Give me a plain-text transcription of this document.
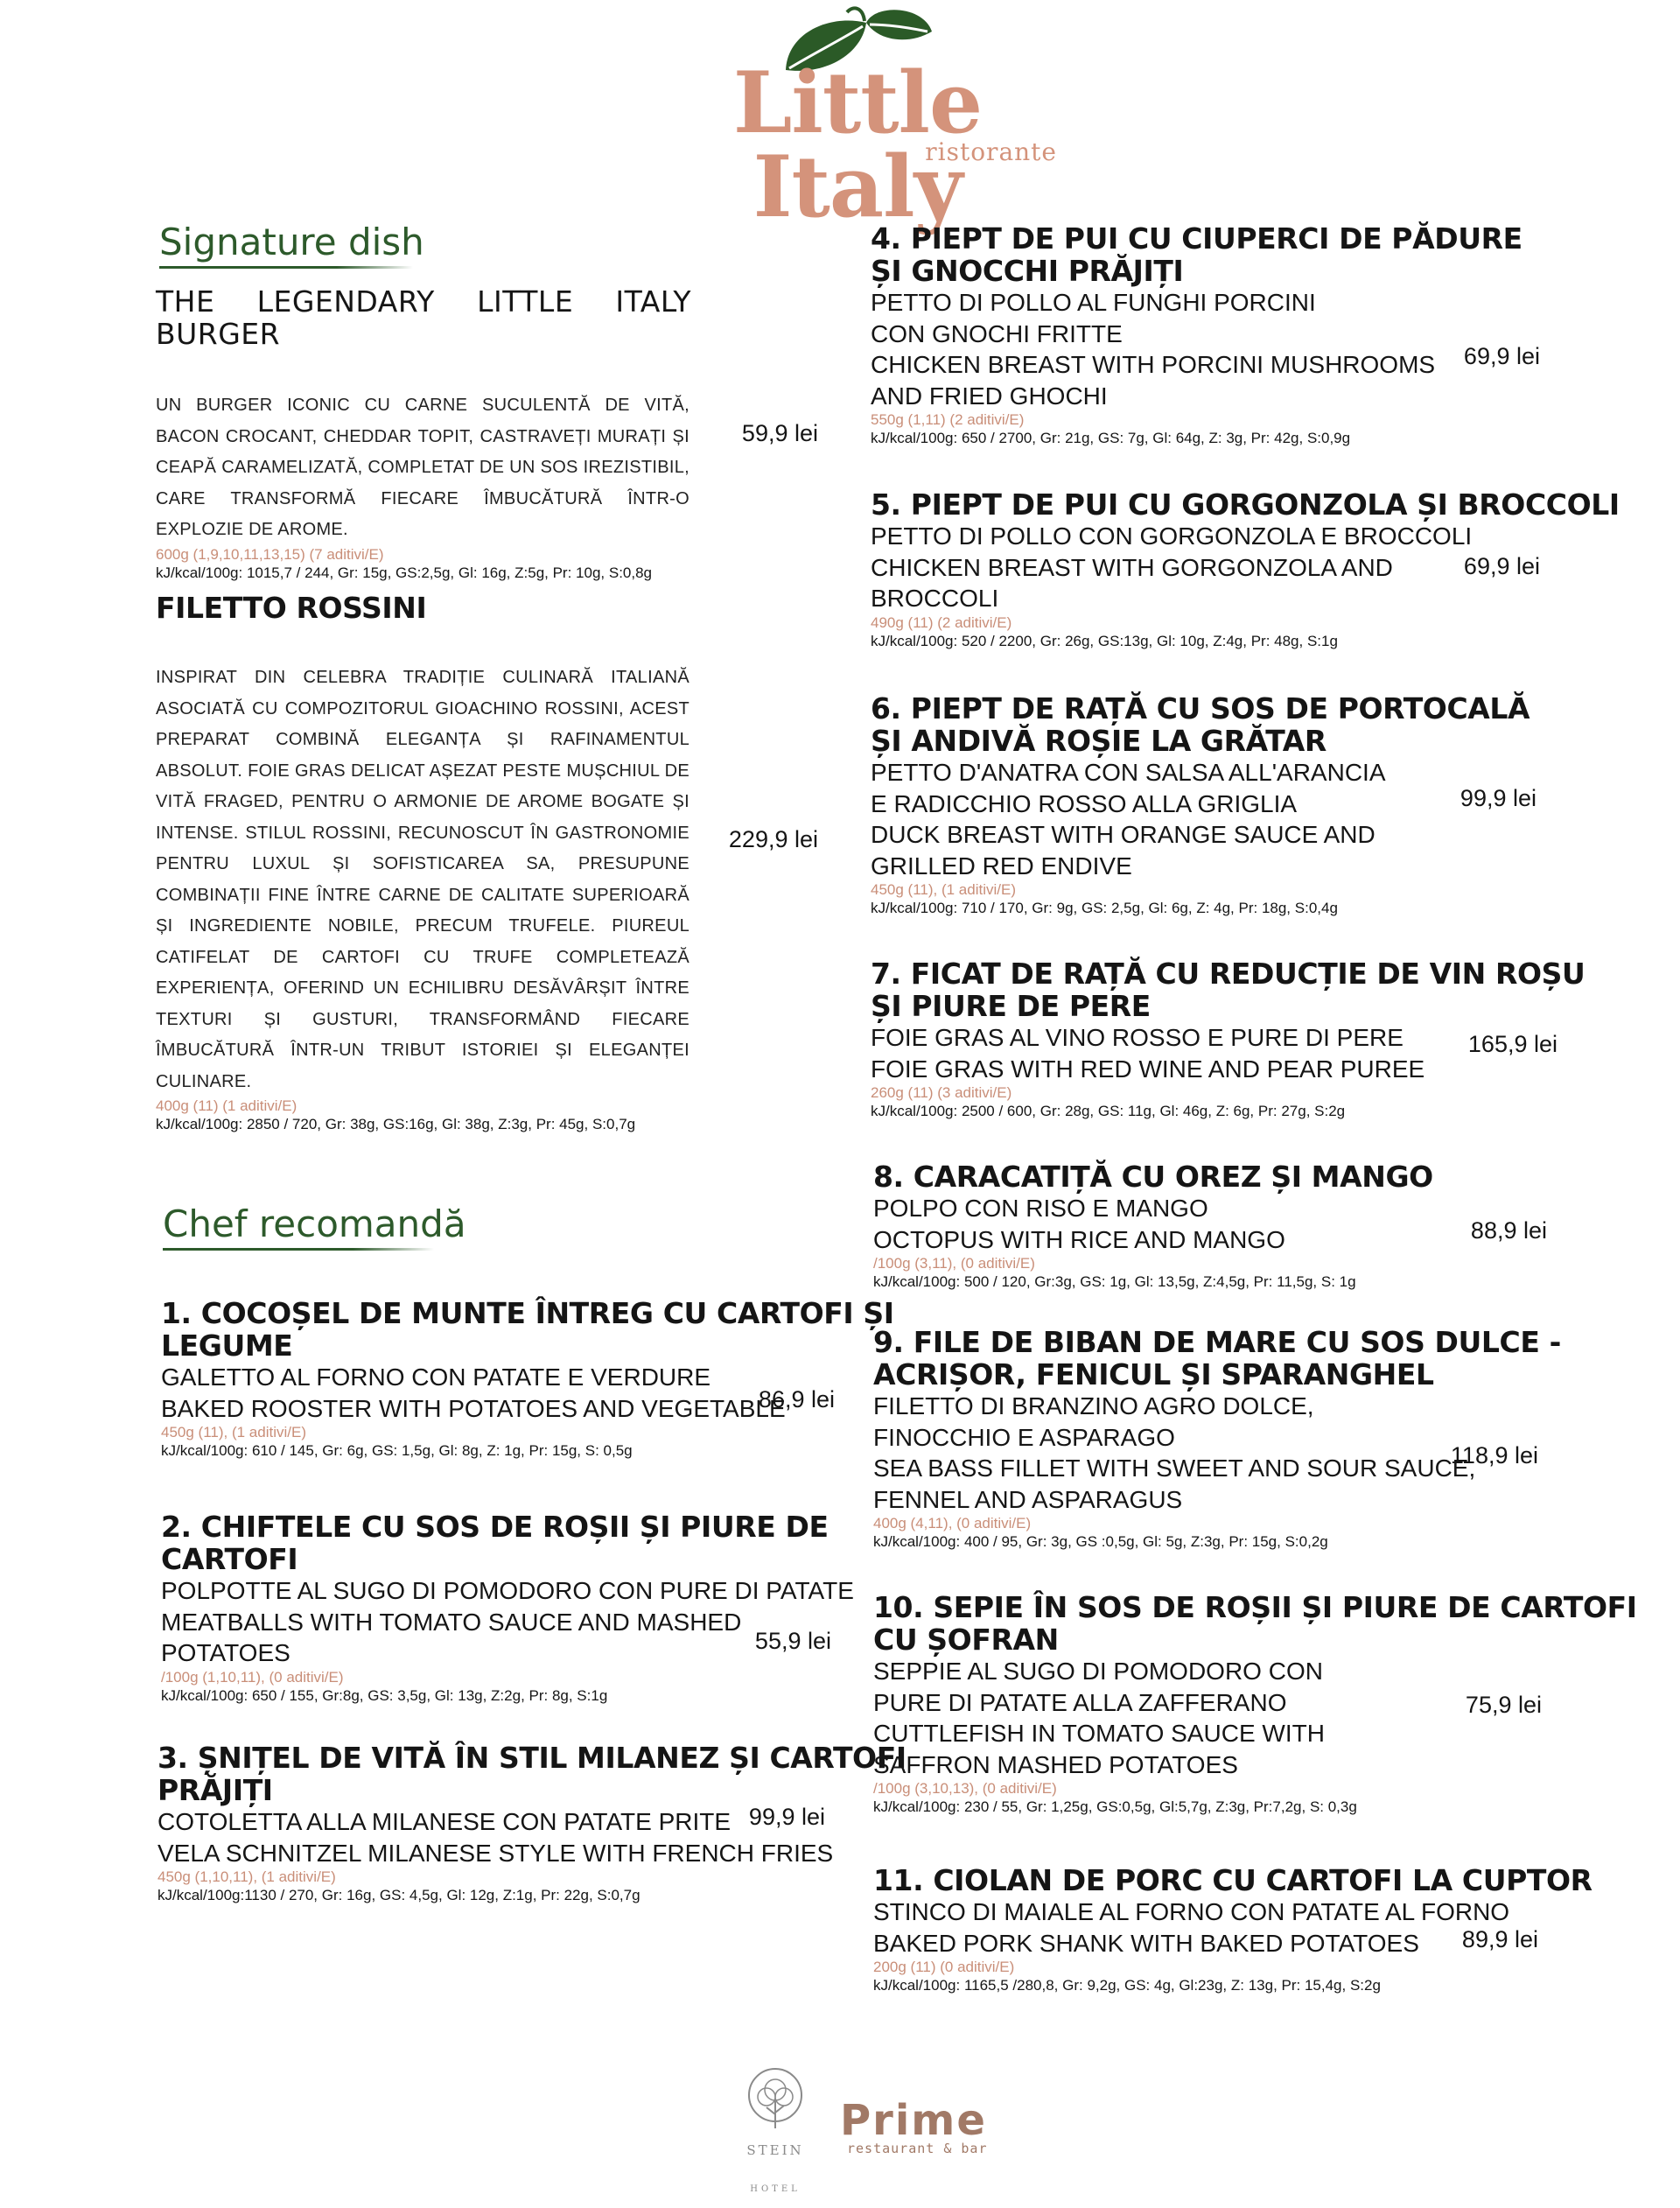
Little Italy
ristorante
Signature dish
THE LEGENDARY LITTLE ITALY
BURGER
UN BURGER ICONIC CU CARNE SUCULENTĂ DE VITĂ, BACON CROCANT, CHEDDAR TOPIT, CASTRAVEȚI MURAȚI ȘI CEAPĂ CARAMELIZATĂ, COMPLETAT DE UN SOS IREZISTIBIL, CARE TRANSFORMĂ FIECARE ÎMBUCĂTURĂ ÎNTR-O EXPLOZIE DE AROME.
600g (1,9,10,11,13,15) (7 aditivi/E)
kJ/kcal/100g: 1015,7 / 244, Gr: 15g, GS:2,5g, Gl: 16g, Z:5g, Pr: 10g, S:0,8g
59,9 lei
FILETTO ROSSINI
INSPIRAT DIN CELEBRA TRADIȚIE CULINARĂ ITALIANĂ ASOCIATĂ CU COMPOZITORUL GIOACHINO ROSSINI, ACEST PREPARAT COMBINĂ ELEGANȚA ȘI RAFINAMENTUL ABSOLUT. FOIE GRAS DELICAT AȘEZAT PESTE MUȘCHIUL DE VITĂ FRAGED, PENTRU O ARMONIE DE AROME BOGATE ȘI INTENSE. STILUL ROSSINI, RECUNOSCUT ÎN GASTRONOMIE PENTRU LUXUL ȘI SOFISTICAREA SA, PRESUPUNE COMBINAȚII FINE ÎNTRE CARNE DE CALITATE SUPERIOARĂ ȘI INGREDIENTE NOBILE, PRECUM TRUFELE. PIUREUL CATIFELAT DE CARTOFI CU TRUFE COMPLETEAZĂ EXPERIENȚA, OFERIND UN ECHILIBRU DESĂVÂRȘIT ÎNTRE TEXTURI ȘI GUSTURI, TRANSFORMÂND FIECARE ÎMBUCĂTURĂ ÎNTR-UN TRIBUT ISTORIEI ȘI ELEGANȚEI CULINARE.
400g (11) (1 aditivi/E)
kJ/kcal/100g: 2850 / 720, Gr: 38g, GS:16g, Gl: 38g, Z:3g, Pr: 45g, S:0,7g
229,9 lei
Chef recomandă
1. COCOȘEL DE MUNTE ÎNTREG CU CARTOFI ȘI
LEGUME
GALETTO AL FORNO CON PATATE E VERDURE
BAKED ROOSTER WITH POTATOES AND VEGETABLE
450g (11), (1 aditivi/E)
kJ/kcal/100g: 610 / 145, Gr: 6g, GS: 1,5g, Gl: 8g, Z: 1g, Pr: 15g, S: 0,5g
86,9 lei
2. CHIFTELE CU SOS DE ROȘII ȘI PIURE DE
CARTOFI
POLPOTTE AL SUGO DI POMODORO CON PURE DI PATATE
MEATBALLS WITH TOMATO SAUCE AND MASHED
POTATOES
/100g (1,10,11), (0 aditivi/E)
kJ/kcal/100g: 650 / 155, Gr:8g, GS: 3,5g, Gl: 13g, Z:2g, Pr: 8g, S:1g
55,9 lei
3. ȘNIȚEL DE VITĂ ÎN STIL MILANEZ ȘI CARTOFI
PRĂJIȚI
COTOLETTA ALLA MILANESE CON PATATE PRITE
VELA SCHNITZEL MILANESE STYLE WITH FRENCH FRIES
450g (1,10,11), (1 aditivi/E)
kJ/kcal/100g:1130 / 270, Gr: 16g, GS: 4,5g, Gl: 12g, Z:1g, Pr: 22g, S:0,7g
99,9 lei
4. PIEPT DE PUI CU CIUPERCI DE PĂDURE
ȘI GNOCCHI PRĂJIȚI
PETTO DI POLLO AL FUNGHI PORCINI
CON GNOCHI FRITTE
CHICKEN BREAST WITH PORCINI MUSHROOMS
AND FRIED GHOCHI
550g (1,11) (2 aditivi/E)
kJ/kcal/100g: 650 / 2700, Gr: 21g, GS: 7g, Gl: 64g, Z: 3g, Pr: 42g, S:0,9g
69,9 lei
5. PIEPT DE PUI CU GORGONZOLA ȘI BROCCOLI
PETTO DI POLLO CON GORGONZOLA E BROCCOLI
CHICKEN BREAST WITH GORGONZOLA AND
BROCCOLI
490g (11) (2 aditivi/E)
kJ/kcal/100g: 520 / 2200, Gr: 26g, GS:13g, Gl: 10g, Z:4g, Pr: 48g, S:1g
69,9 lei
6. PIEPT DE RAȚĂ CU SOS DE PORTOCALĂ
ȘI ANDIVĂ ROȘIE LA GRĂTAR
PETTO D'ANATRA CON SALSA ALL'ARANCIA
E RADICCHIO ROSSO ALLA GRIGLIA
DUCK BREAST WITH ORANGE SAUCE AND
GRILLED RED ENDIVE
450g (11), (1 aditivi/E)
kJ/kcal/100g: 710 / 170, Gr: 9g, GS: 2,5g, Gl: 6g, Z: 4g, Pr: 18g, S:0,4g
99,9 lei
7. FICAT DE RAȚĂ CU REDUCȚIE DE VIN ROȘU
ȘI PIURE DE PERE
FOIE GRAS AL VINO ROSSO E PURE DI PERE
FOIE GRAS WITH RED WINE AND PEAR PUREE
260g (11) (3 aditivi/E)
kJ/kcal/100g: 2500 / 600, Gr: 28g, GS: 11g, Gl: 46g, Z: 6g, Pr: 27g, S:2g
165,9 lei
8. CARACATIȚĂ CU OREZ ȘI MANGO
POLPO CON RISO E MANGO
OCTOPUS WITH RICE AND MANGO
/100g (3,11), (0 aditivi/E)
kJ/kcal/100g: 500 / 120, Gr:3g, GS: 1g, Gl: 13,5g, Z:4,5g, Pr: 11,5g, S: 1g
88,9 lei
9. FILE DE BIBAN DE MARE CU SOS DULCE -
ACRIȘOR, FENICUL ȘI SPARANGHEL
FILETTO DI BRANZINO AGRO DOLCE,
FINOCCHIO E ASPARAGO
SEA BASS FILLET WITH SWEET AND SOUR SAUCE,
FENNEL AND ASPARAGUS
400g (4,11), (0 aditivi/E)
kJ/kcal/100g: 400 / 95, Gr: 3g, GS :0,5g, Gl: 5g, Z:3g, Pr: 15g, S:0,2g
118,9 lei
10. SEPIE ÎN SOS DE ROȘII ȘI PIURE DE CARTOFI
CU ȘOFRAN
SEPPIE AL SUGO DI POMODORO CON
PURE DI PATATE ALLA ZAFFERANO
CUTTLEFISH IN TOMATO SAUCE WITH
SAFFRON MASHED POTATOES
/100g (3,10,13), (0 aditivi/E)
kJ/kcal/100g: 230 / 55, Gr: 1,25g, GS:0,5g, Gl:5,7g, Z:3g, Pr:7,2g, S: 0,3g
75,9 lei
11. CIOLAN DE PORC CU CARTOFI LA CUPTOR
STINCO DI MAIALE AL FORNO CON PATATE AL FORNO
BAKED PORK SHANK WITH BAKED POTATOES
200g (11) (0 aditivi/E)
kJ/kcal/100g: 1165,5 /280,8, Gr: 9,2g, GS: 4g, Gl:23g, Z: 13g, Pr: 15,4g, S:2g
89,9 lei
STEIN
HOTEL
Prime
restaurant & bar
